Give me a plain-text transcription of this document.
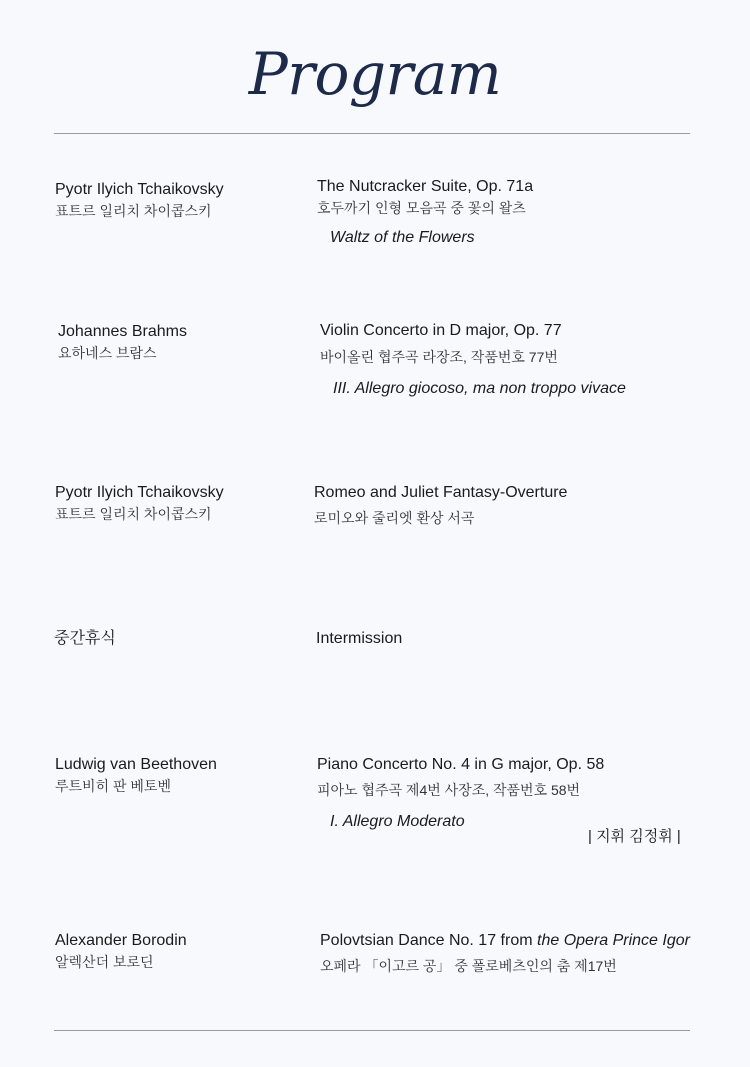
Program
Pyotr Ilyich Tchaikovsky
표트르 일리치 차이콥스키
The Nutcracker Suite, Op. 71a
호두까기 인형 모음곡 중 꽃의 왈츠
Waltz of the Flowers
Johannes Brahms
요하네스 브람스
Violin Concerto in D major, Op. 77
바이올린 협주곡 라장조, 작품번호 77번
III. Allegro giocoso, ma non troppo vivace
Pyotr Ilyich Tchaikovsky
표트르 일리치 차이콥스키
Romeo and Juliet Fantasy-Overture
로미오와 줄리엣 환상 서곡
중간휴식	Intermission
Ludwig van Beethoven
루트비히 판 베토벤
Piano Concerto No. 4 in G major, Op. 58
피아노 협주곡 제4번 사장조, 작품번호 58번
I. Allegro Moderato
| 지휘 김정휘 |
Alexander Borodin
알렉산더 보로딘
Polovtsian Dance No. 17 from the Opera Prince Igor
오페라 「이고르 공」 중 폴로베츠인의 춤 제17번
